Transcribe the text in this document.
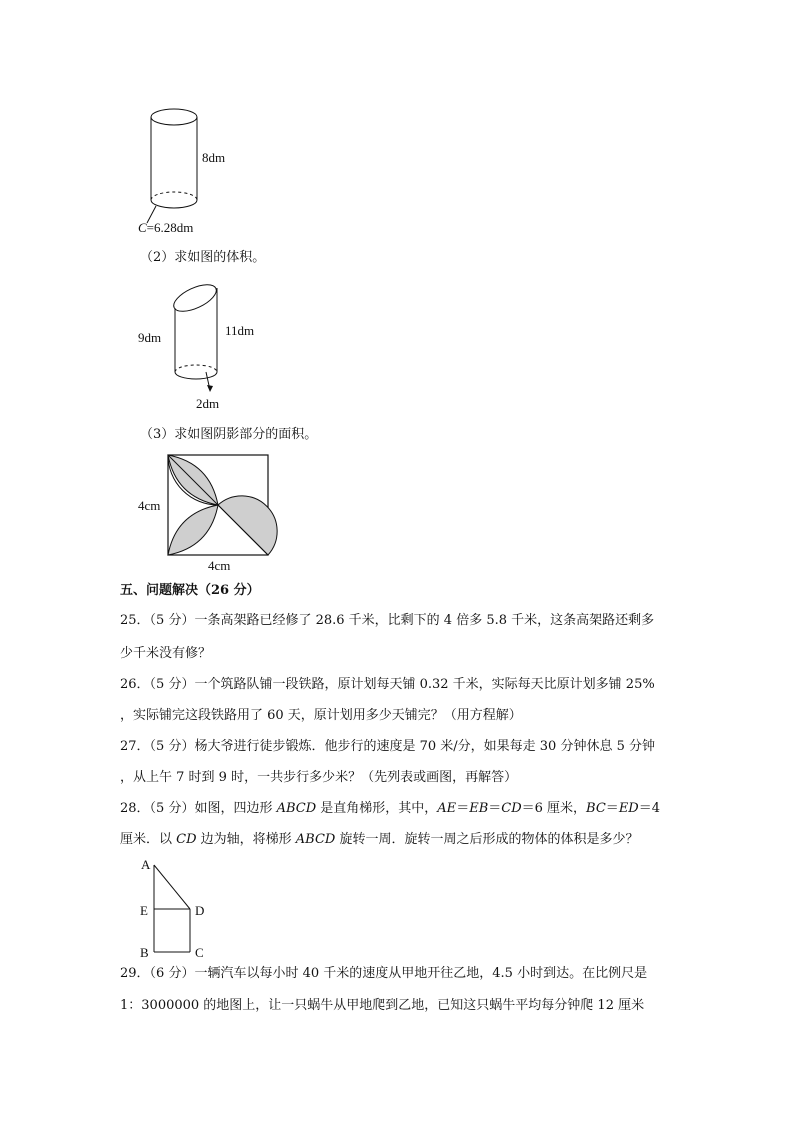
8dm
C=6.28dm
（2）求如图的体积。
9dm	11dm
2dm
（3）求如图阴影部分的面积。
4cm
4cm
五、问题解决（26 分）
25．（5 分）一条高架路已经修了 28.6 千米，比剩下的 4 倍多 5.8 千米，这条高架路还剩多
少千米没有修？
26．（5 分）一个筑路队铺一段铁路，原计划每天铺 0.32 千米，实际每天比原计划多铺 25%
，实际铺完这段铁路用了 60 天，原计划用多少天铺完？（用方程解）
27．（5 分）杨大爷进行徒步锻炼．他步行的速度是 70 米/分，如果每走 30 分钟休息 5 分钟
，从上午 7 时到 9 时，一共步行多少米？（先列表或画图，再解答）
28．（5 分）如图，四边形 ABCD 是直角梯形，其中，AE＝EB＝CD＝6 厘米，BC＝ED＝4
厘米．以 CD 边为轴，将梯形 ABCD 旋转一周．旋转一周之后形成的物体的体积是多少？
A
E	D
B	C
29．（6 分）一辆汽车以每小时 40 千米的速度从甲地开往乙地，4.5 小时到达。在比例尺是
1：3000000 的地图上，让一只蜗牛从甲地爬到乙地，已知这只蜗牛平均每分钟爬 12 厘米
